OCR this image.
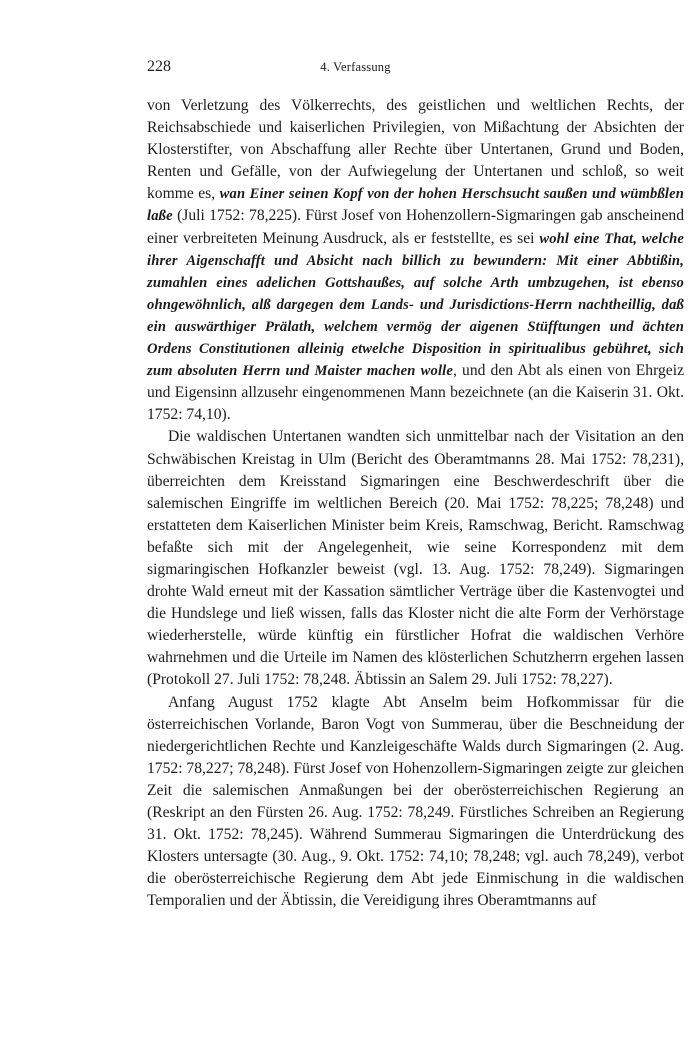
228	4. Verfassung

von Verletzung des Völkerrechts, des geistlichen und weltlichen Rechts, der Reichsabschiede und kaiserlichen Privilegien, von Mißachtung der Absichten der Klosterstifter, von Abschaffung aller Rechte über Untertanen, Grund und Boden, Renten und Gefälle, von der Aufwiegelung der Untertanen und schloß, so weit komme es, wan Einer seinen Kopf von der hohen Herschsucht saußen und wümbßlen laße (Juli 1752: 78,225). Fürst Josef von Hohenzollern-Sigmaringen gab anscheinend einer verbreiteten Meinung Ausdruck, als er feststellte, es sei wohl eine That, welche ihrer Aigenschafft und Absicht nach billich zu bewundern: Mit einer Abbtißin, zumahlen eines adelichen Gottshaußes, auf solche Arth umbzugehen, ist ebenso ohngewöhnlich, alß dargegen dem Lands- und Jurisdictions-Herrn nachtheillig, daß ein auswärthiger Prälath, welchem vermög der aigenen Stüfftungen und ächten Ordens Constitutionen alleinig etwelche Disposition in spiritualibus gebühret, sich zum absoluten Herrn und Maister machen wolle, und den Abt als einen von Ehrgeiz und Eigensinn allzusehr eingenommenen Mann bezeichnete (an die Kaiserin 31. Okt. 1752: 74,10).

Die waldischen Untertanen wandten sich unmittelbar nach der Visitation an den Schwäbischen Kreistag in Ulm (Bericht des Oberamtmanns 28. Mai 1752: 78,231), überreichten dem Kreisstand Sigmaringen eine Beschwerdeschrift über die salemischen Eingriffe im weltlichen Bereich (20. Mai 1752: 78,225; 78,248) und erstatteten dem Kaiserlichen Minister beim Kreis, Ramschwag, Bericht. Ramschwag befaßte sich mit der Angelegenheit, wie seine Korrespondenz mit dem sigmaringischen Hofkanzler beweist (vgl. 13. Aug. 1752: 78,249). Sigmaringen drohte Wald erneut mit der Kassation sämtlicher Verträge über die Kastenvogtei und die Hundslege und ließ wissen, falls das Kloster nicht die alte Form der Verhörstage wiederherstelle, würde künftig ein fürstlicher Hofrat die waldischen Verhöre wahrnehmen und die Urteile im Namen des klösterlichen Schutzherrn ergehen lassen (Protokoll 27. Juli 1752: 78,248. Äbtissin an Salem 29. Juli 1752: 78,227).

Anfang August 1752 klagte Abt Anselm beim Hofkommissar für die österreichischen Vorlande, Baron Vogt von Summerau, über die Beschneidung der niedergerichtlichen Rechte und Kanzleigeschäfte Walds durch Sigmaringen (2. Aug. 1752: 78,227; 78,248). Fürst Josef von Hohenzollern-Sigmaringen zeigte zur gleichen Zeit die salemischen Anmaßungen bei der oberösterreichischen Regierung an (Reskript an den Fürsten 26. Aug. 1752: 78,249. Fürstliches Schreiben an Regierung 31. Okt. 1752: 78,245). Während Summerau Sigmaringen die Unterdrückung des Klosters untersagte (30. Aug., 9. Okt. 1752: 74,10; 78,248; vgl. auch 78,249), verbot die oberösterreichische Regierung dem Abt jede Einmischung in die waldischen Temporalien und der Äbtissin, die Vereidigung ihres Oberamtmanns auf
